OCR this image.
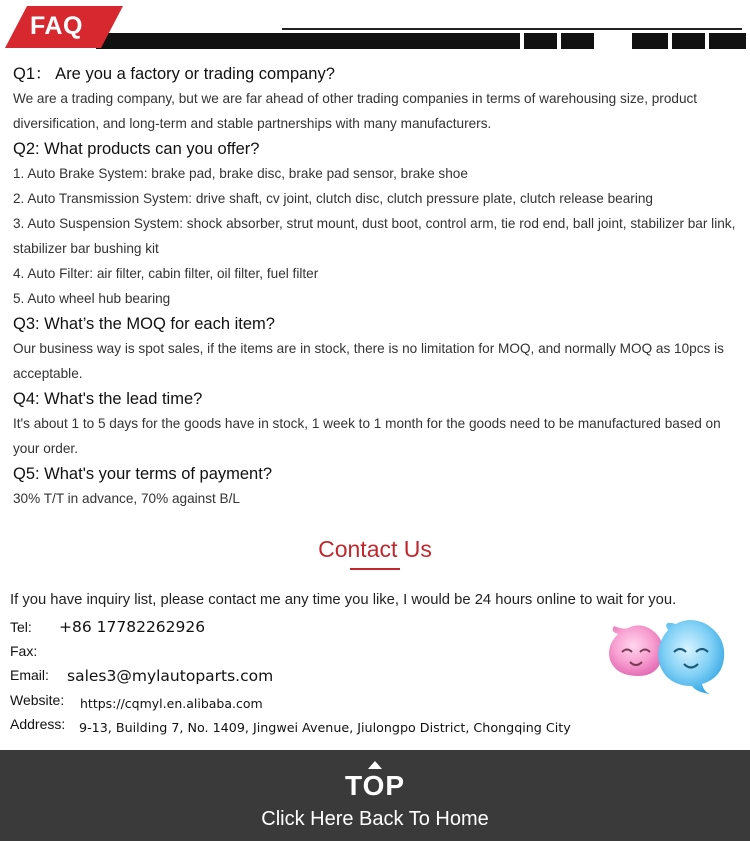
FAQ
Q1： Are you a factory or trading company?
We are a trading company, but we are far ahead of other trading companies in terms of warehousing size, product diversification, and long-term and stable partnerships with many manufacturers.
Q2: What products can you offer?
1. Auto Brake System: brake pad, brake disc, brake pad sensor, brake shoe
2. Auto Transmission System: drive shaft, cv joint, clutch disc, clutch pressure plate, clutch release bearing
3. Auto Suspension System: shock absorber, strut mount, dust boot, control arm, tie rod end, ball joint, stabilizer bar link, stabilizer bar bushing kit
4. Auto Filter: air filter, cabin filter, oil filter, fuel filter
5. Auto wheel hub bearing
Q3: What’s the MOQ for each item?
Our business way is spot sales, if the items are in stock, there is no limitation for MOQ, and normally MOQ as 10pcs is acceptable.
Q4: What's the lead time?
It's about 1 to 5 days for the goods have in stock, 1 week to 1 month for the goods need to be manufactured based on your order.
Q5: What's your terms of payment?
30% T/T in advance, 70% against B/L
Contact Us
If you have inquiry list, please contact me any time you like, I would be 24 hours online to wait for you.
Tel: +86 17782262926
Fax:
Email: sales3@mylautoparts.com
Website: https://cqmyl.en.alibaba.com
Address: 9-13, Building 7, No. 1409, Jingwei Avenue, Jiulongpo District, Chongqing City
TOP
Click Here Back To Home
